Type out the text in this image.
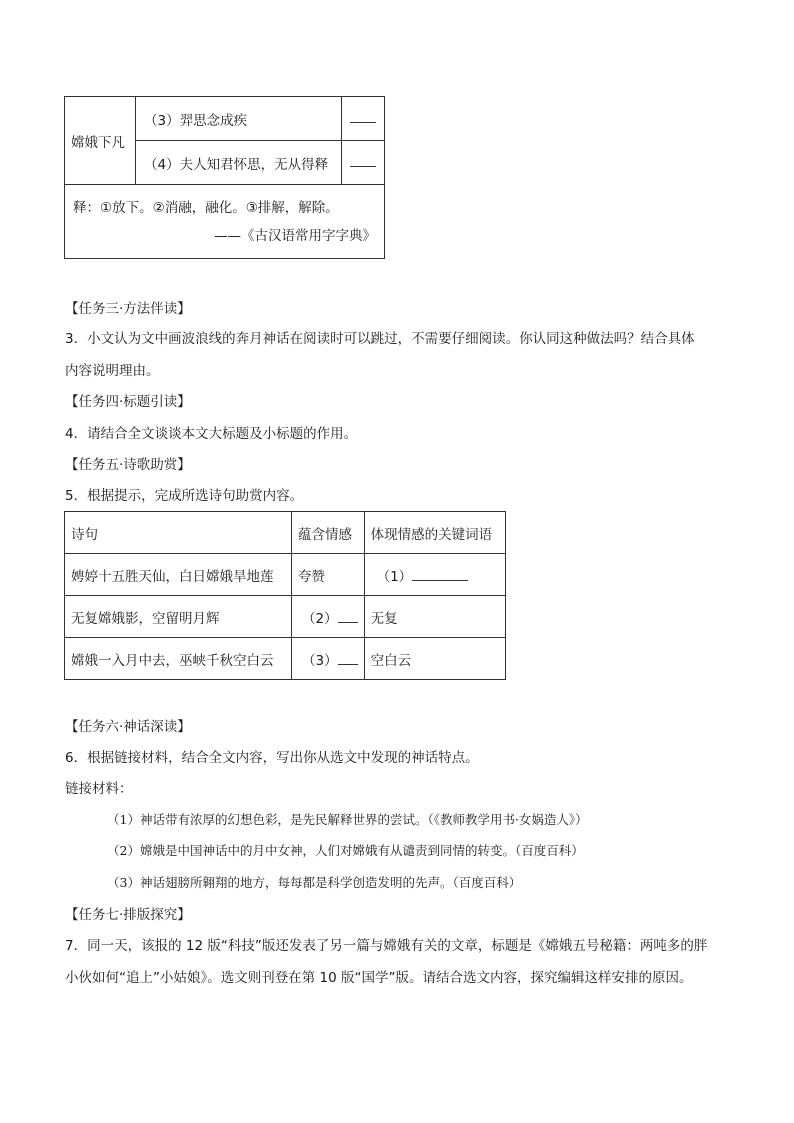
嫦娥下凡	（3）羿思念成疾	
	（4）夫人知君怀思，无从得释	

释：①放下。②消融，融化。③排解，解除。
——《古汉语常用字字典》		
【任务三·方法伴读】
3．小文认为文中画波浪线的奔月神话在阅读时可以跳过，不需要仔细阅读。你认同这种做法吗？结合具体
内容说明理由。
【任务四·标题引读】
4．请结合全文谈谈本文大标题及小标题的作用。
【任务五·诗歌助赏】
5．根据提示，完成所选诗句助赏内容。
诗句	蕴含情感	体现情感的关键词语
娉婷十五胜天仙，白日嫦娥旱地莲	夸赞	（1）
无复嫦娥影，空留明月辉	（2）	无复
嫦娥一入月中去，巫峡千秋空白云	（3）	空白云
【任务六·神话深读】
6．根据链接材料，结合全文内容，写出你从选文中发现的神话特点。
链接材料：
（1）神话带有浓厚的幻想色彩，是先民解释世界的尝试。（《教师教学用书·女娲造人》）
（2）嫦娥是中国神话中的月中女神，人们对嫦娥有从谴责到同情的转变。（百度百科）
（3）神话翅膀所翱翔的地方，每每都是科学创造发明的先声。（百度百科）
【任务七·排版探究】
7．同一天，该报的 12 版“科技”版还发表了另一篇与嫦娥有关的文章，标题是《嫦娥五号秘籍：两吨多的胖
小伙如何“追上”小姑娘》。选文则刊登在第 10 版“国学”版。请结合选文内容，探究编辑这样安排的原因。
